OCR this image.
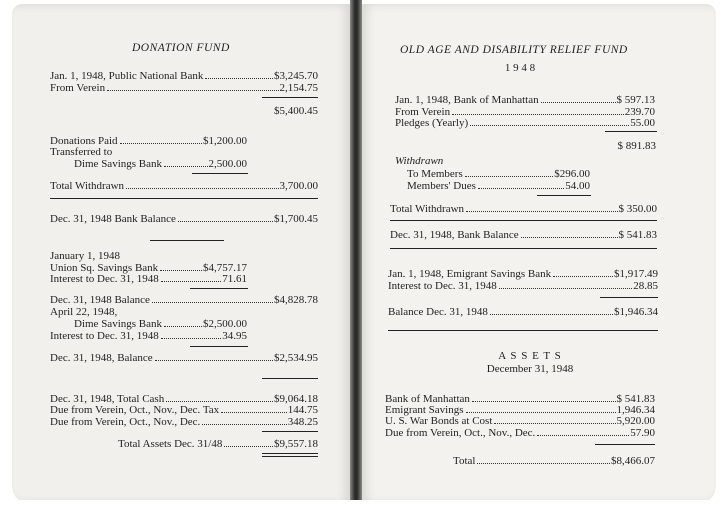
DONATION FUND
Jan. 1, 1948, Public National Bank	$3,245.70
From Verein	2,154.75
$5,400.45
Donations Paid	$1,200.00
Transferred to
Dime Savings Bank	2,500.00
Total Withdrawn	3,700.00
Dec. 31, 1948 Bank Balance	$1,700.45
January 1, 1948
Union Sq. Savings Bank	$4,757.17
Interest to Dec. 31, 1948	71.61
Dec. 31, 1948 Balance	$4,828.78
April 22, 1948,
Dime Savings Bank	$2,500.00
Interest to Dec. 31, 1948	34.95
Dec. 31, 1948, Balance	$2,534.95
Dec. 31, 1948, Total Cash	$9,064.18
Due from Verein, Oct., Nov., Dec. Tax	144.75
Due from Verein, Oct., Nov., Dec.	348.25
Total Assets Dec. 31/48	$9,557.18
OLD AGE AND DISABILITY RELIEF FUND
1 9 4 8
Jan. 1, 1948, Bank of Manhattan	$ 597.13
From Verein	239.70
Pledges (Yearly)	55.00
$ 891.83
Withdrawn
To Members	$296.00
Members' Dues	54.00
Total Withdrawn	$ 350.00
Dec. 31, 1948, Bank Balance	$ 541.83
Jan. 1, 1948, Emigrant Savings Bank	$1,917.49
Interest to Dec. 31, 1948	28.85
Balance Dec. 31, 1948	$1,946.34
A S S E T S
December 31, 1948
Bank of Manhattan	$ 541.83
Emigrant Savings	1,946.34
U. S. War Bonds at Cost	5,920.00
Due from Verein, Oct., Nov., Dec.	57.90
Total	$8,466.07
